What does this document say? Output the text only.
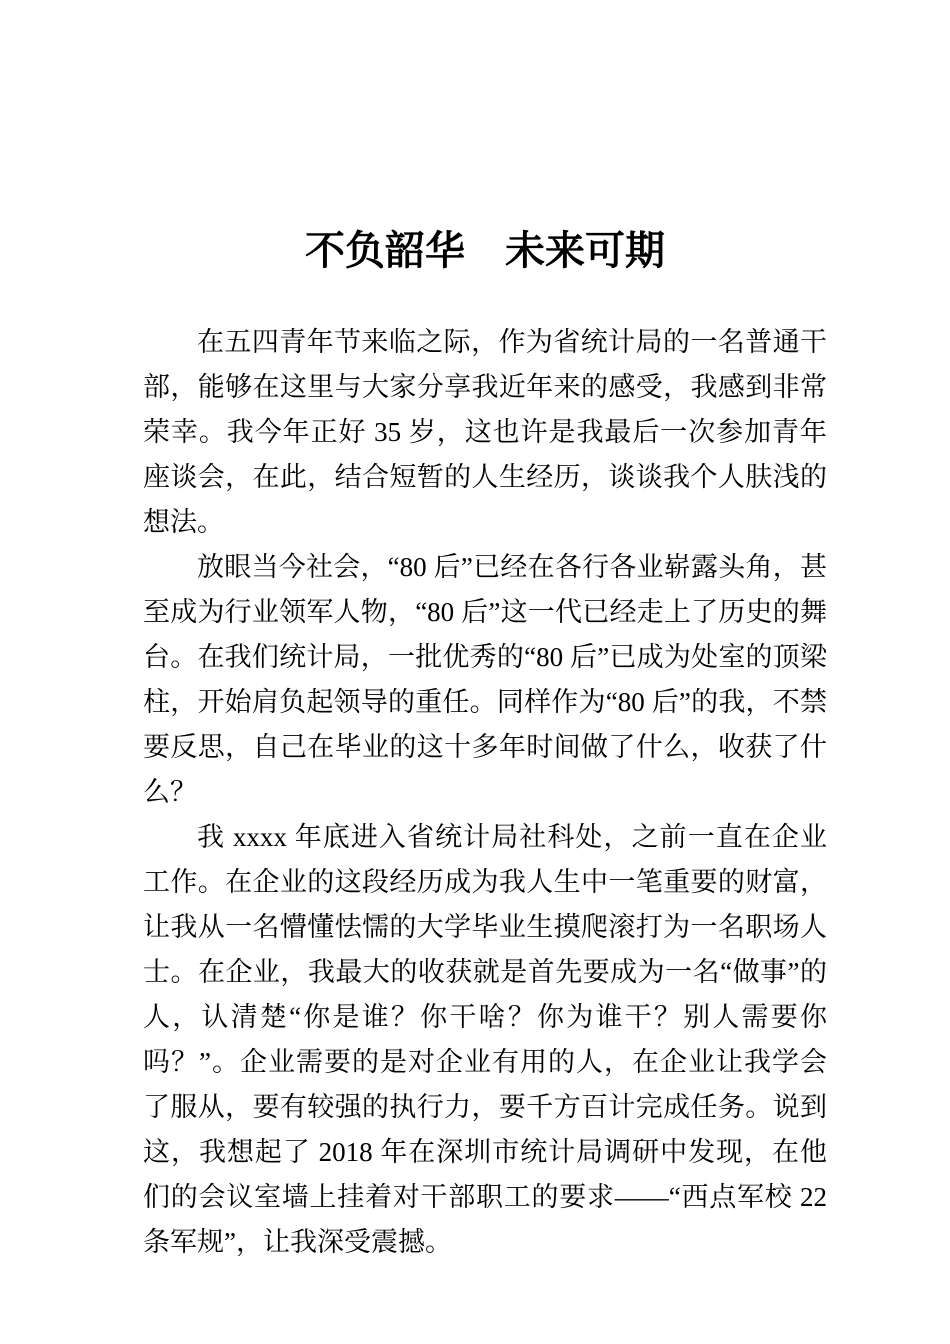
不负韶华　未来可期

在五四青年节来临之际，作为省统计局的一名普通干部，能够在这里与大家分享我近年来的感受，我感到非常荣幸。我今年正好 35 岁，这也许是我最后一次参加青年座谈会，在此，结合短暂的人生经历，谈谈我个人肤浅的想法。

放眼当今社会，“80 后”已经在各行各业崭露头角，甚至成为行业领军人物，“80 后”这一代已经走上了历史的舞台。在我们统计局，一批优秀的“80 后”已成为处室的顶梁柱，开始肩负起领导的重任。同样作为“80 后”的我，不禁要反思，自己在毕业的这十多年时间做了什么，收获了什 么？

我 xxxx 年底进入省统计局社科处，之前一直在企业工作。在企业的这段经历成为我人生中一笔重要的财富，让我从一名懵懂怯懦的大学毕业生摸爬滚打为一名职场人士。在企业，我最大的收获就是首先要成为一名“做事”的人，认清楚“你是谁？你干啥？你为谁干？别人需要你吗？”。企业需要的是对企业有用的人，在企业让我学会了服从，要有较强的执行力，要千方百计完成任务。说到这，我想起了 2018 年在深圳市统计局调研中发现，在他们的会议室墙上挂着对干部职工的要求——“西点军校 22 条军规”，让我深受震撼。
